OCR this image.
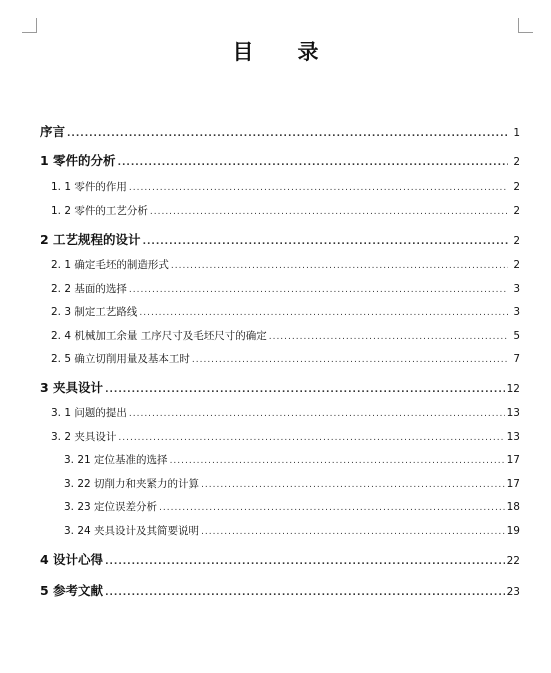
目 录
序言 .....	1
1 零件的分析 .....	2
1. 1 零件的作用 .....	2
1. 2 零件的工艺分析 .....	2
2 工艺规程的设计 .....	2
2. 1 确定毛坯的制造形式 .....	2
2. 2 基面的选择 .....	3
2. 3 制定工艺路线 .....	3
2. 4 机械加工余量 工序尺寸及毛坯尺寸的确定 .....	5
2. 5 确立切削用量及基本工时 .....	7
3 夹具设计 .....	12
3. 1 问题的提出 .....	13
3. 2 夹具设计 .....	13
3. 21 定位基准的选择 .....	17
3. 22 切削力和夹紧力的计算 .....	17
3. 23 定位误差分析 .....	18
3. 24 夹具设计及其简要说明 .....	19
4 设计心得 .....	22
5 参考文献 .....	23
